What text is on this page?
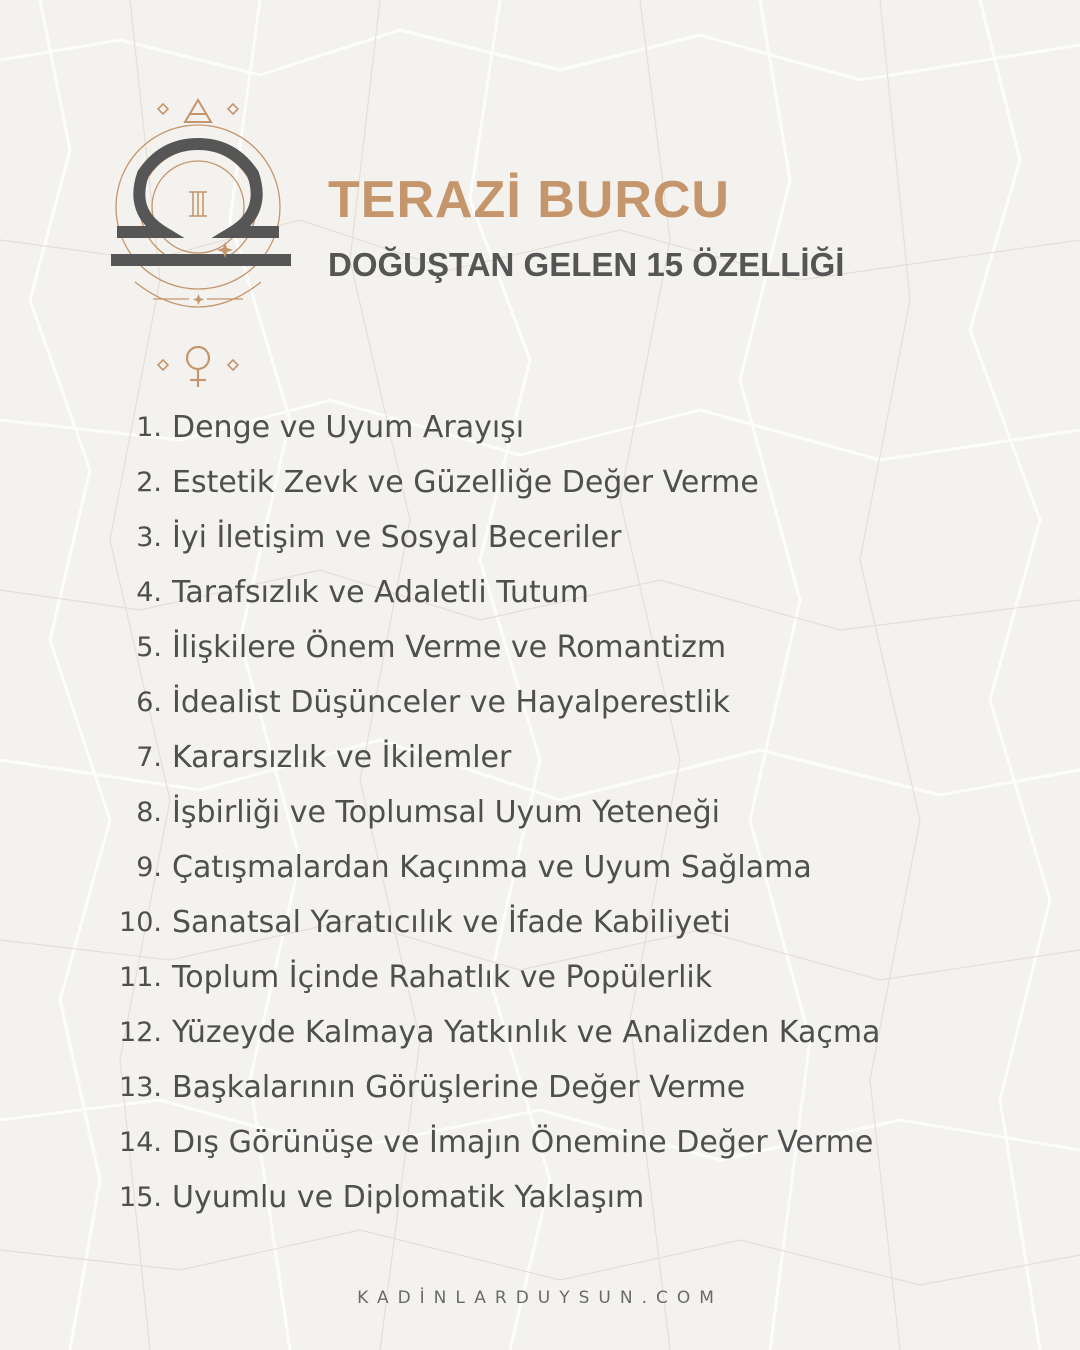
TERAZİ BURCU
DOĞUŞTAN GELEN 15 ÖZELLİĞİ
1. Denge ve Uyum Arayışı
2. Estetik Zevk ve Güzelliğe Değer Verme
3. İyi İletişim ve Sosyal Beceriler
4. Tarafsızlık ve Adaletli Tutum
5. İlişkilere Önem Verme ve Romantizm
6. İdealist Düşünceler ve Hayalperestlik
7. Kararsızlık ve İkilemler
8. İşbirliği ve Toplumsal Uyum Yeteneği
9. Çatışmalardan Kaçınma ve Uyum Sağlama
10. Sanatsal Yaratıcılık ve İfade Kabiliyeti
11. Toplum İçinde Rahatlık ve Popülerlik
12. Yüzeyde Kalmaya Yatkınlık ve Analizden Kaçma
13. Başkalarının Görüşlerine Değer Verme
14. Dış Görünüşe ve İmajın Önemine Değer Verme
15. Uyumlu ve Diplomatik Yaklaşım

KADİNLARDUYSUN.COM
